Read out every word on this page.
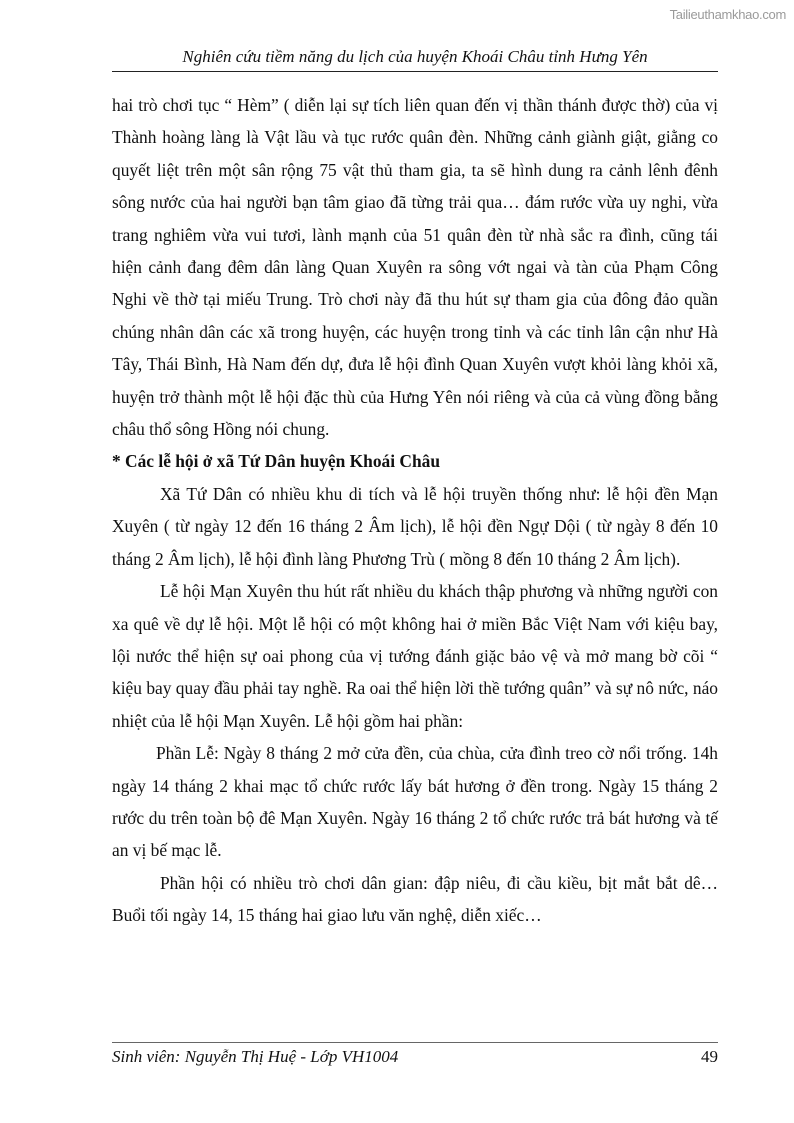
Tailieuthamkhao.com
Nghiên cứu tiềm năng du lịch của huyện Khoái Châu tỉnh Hưng Yên

hai trò chơi tục “ Hèm” ( diễn lại sự tích liên quan đến vị thần thánh được thờ) của vị Thành hoàng làng là Vật lầu và tục rước quân đèn. Những cảnh giành giật, giằng co quyết liệt trên một sân rộng 75 vật thủ tham gia, ta sẽ hình dung ra cảnh lênh đênh sông nước của hai người bạn tâm giao đã từng trải qua… đám rước vừa uy nghi, vừa trang nghiêm vừa vui tươi, lành mạnh của 51 quân đèn từ nhà sắc ra đình, cũng tái hiện cảnh đang đêm dân làng Quan Xuyên ra sông vớt ngai và tàn của Phạm Công Nghi về thờ tại miếu Trung. Trò chơi này đã thu hút sự tham gia của đông đảo quần chúng nhân dân các xã trong huyện, các huyện trong tỉnh và các tỉnh lân cận như Hà Tây, Thái Bình, Hà Nam đến dự, đưa lễ hội đình Quan Xuyên vượt khỏi làng khỏi xã, huyện trở thành một lễ hội đặc thù của Hưng Yên nói riêng và của cả vùng đồng bằng châu thổ sông Hồng nói chung.

* Các lễ hội ở xã Tứ Dân huyện Khoái Châu

Xã Tứ Dân có nhiều khu di tích và lễ hội truyền thống như: lễ hội đền Mạn Xuyên ( từ ngày 12 đến 16 tháng 2 Âm lịch), lễ hội đền Ngự Dội ( từ ngày 8 đến 10 tháng 2 Âm lịch), lễ hội đình làng Phương Trù ( mồng 8 đến 10 tháng 2 Âm lịch).

Lễ hội Mạn Xuyên thu hút rất nhiều du khách thập phương và những người con xa quê về dự lễ hội. Một lễ hội có một không hai ở miền Bắc Việt Nam với kiệu bay, lội nước thể hiện sự oai phong của vị tướng đánh giặc bảo vệ và mở mang bờ cõi “ kiệu bay quay đầu phải tay nghề. Ra oai thể hiện lời thề tướng quân” và sự nô nức, náo nhiệt của lễ hội Mạn Xuyên. Lễ hội gồm hai phần:

Phần Lễ: Ngày 8 tháng 2 mở cửa đền, của chùa, cửa đình treo cờ nổi trống. 14h ngày 14 tháng 2 khai mạc tổ chức rước lấy bát hương ở đền trong. Ngày 15 tháng 2 rước du trên toàn bộ đê Mạn Xuyên. Ngày 16 tháng 2 tổ chức rước trả bát hương và tế an vị bế mạc lễ.

Phần hội có nhiều trò chơi dân gian: đập niêu, đi cầu kiều, bịt mắt bắt dê… Buổi tối ngày 14, 15 tháng hai giao lưu văn nghệ, diễn xiếc…

Sinh viên: Nguyễn Thị Huệ - Lớp VH1004	49
